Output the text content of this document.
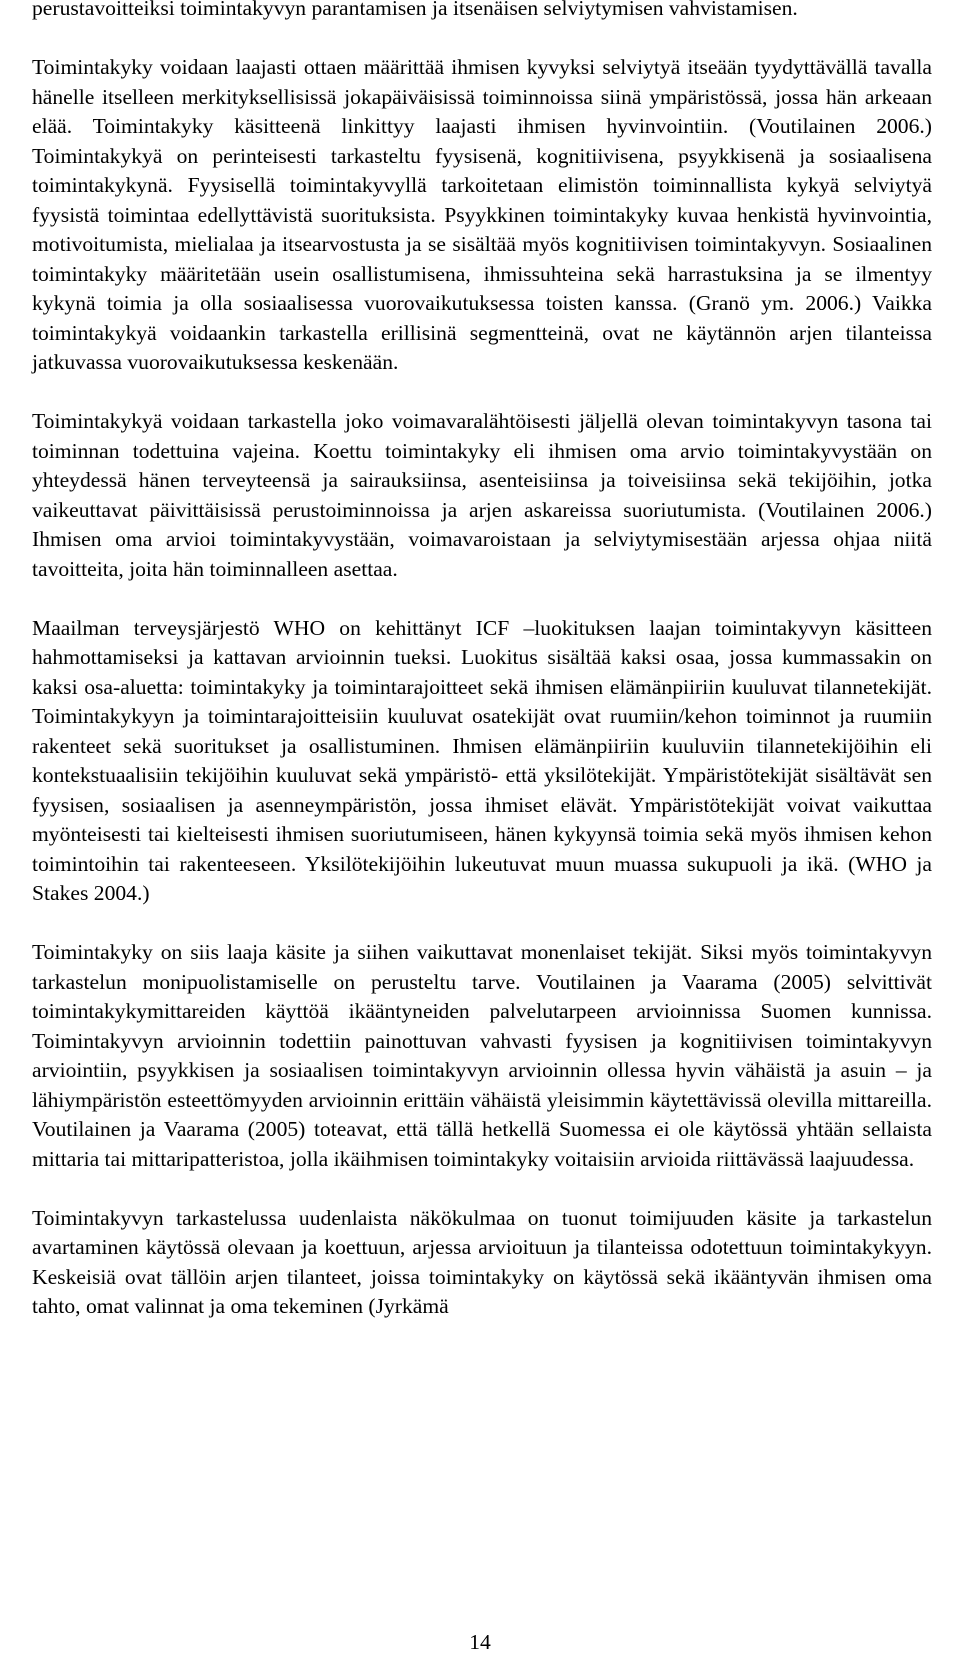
perustavoitteiksi toimintakyvyn parantamisen ja itsenäisen selviytymisen vahvistamisen.

Toimintakyky voidaan laajasti ottaen määrittää ihmisen kyvyksi selviytyä itseään tyydyttävällä tavalla hänelle itselleen merkityksellisissä jokapäiväisissä toiminnoissa siinä ympäristössä, jossa hän arkeaan elää. Toimintakyky käsitteenä linkittyy laajasti ihmisen hyvinvointiin. (Voutilainen 2006.) Toimintakykyä on perinteisesti tarkasteltu fyysisenä, kognitiivisena, psyykkisenä ja sosiaalisena toimintakykynä. Fyysisellä toimintakyvyllä tarkoitetaan elimistön toiminnallista kykyä selviytyä fyysistä toimintaa edellyttävistä suorituksista. Psyykkinen toimintakyky kuvaa henkistä hyvinvointia, motivoitumista, mielialaa ja itsearvostusta ja se sisältää myös kognitiivisen toimintakyvyn. Sosiaalinen toimintakyky määritetään usein osallistumisena, ihmissuhteina sekä harrastuksina ja se ilmentyy kykynä toimia ja olla sosiaalisessa vuorovaikutuksessa toisten kanssa. (Granö ym. 2006.) Vaikka toimintakykyä voidaankin tarkastella erillisinä segmentteinä, ovat ne käytännön arjen tilanteissa jatkuvassa vuorovaikutuksessa keskenään.

Toimintakykyä voidaan tarkastella joko voimavaralähtöisesti jäljellä olevan toimintakyvyn tasona tai toiminnan todettuina vajeina. Koettu toimintakyky eli ihmisen oma arvio toimintakyvystään on yhteydessä hänen terveyteensä ja sairauksiinsa, asenteisiinsa ja toiveisiinsa sekä tekijöihin, jotka vaikeuttavat päivittäisissä perustoiminnoissa ja arjen askareissa suoriutumista. (Voutilainen 2006.) Ihmisen oma arvioi toimintakyvystään, voimavaroistaan ja selviytymisestään arjessa ohjaa niitä tavoitteita, joita hän toiminnalleen asettaa.

Maailman terveysjärjestö WHO on kehittänyt ICF –luokituksen laajan toimintakyvyn käsitteen hahmottamiseksi ja kattavan arvioinnin tueksi. Luokitus sisältää kaksi osaa, jossa kummassakin on kaksi osa-aluetta: toimintakyky ja toimintarajoitteet sekä ihmisen elämänpiiriin kuuluvat tilannetekijät. Toimintakykyyn ja toimintarajoitteisiin kuuluvat osatekijät ovat ruumiin/kehon toiminnot ja ruumiin rakenteet sekä suoritukset ja osallistuminen. Ihmisen elämänpiiriin kuuluviin tilannetekijöihin eli kontekstuaalisiin tekijöihin kuuluvat sekä ympäristö- että yksilötekijät. Ympäristötekijät sisältävät sen fyysisen, sosiaalisen ja asenneympäristön, jossa ihmiset elävät. Ympäristötekijät voivat vaikuttaa myönteisesti tai kielteisesti ihmisen suoriutumiseen, hänen kykyynsä toimia sekä myös ihmisen kehon toimintoihin tai rakenteeseen. Yksilötekijöihin lukeutuvat muun muassa sukupuoli ja ikä. (WHO ja Stakes 2004.)

Toimintakyky on siis laaja käsite ja siihen vaikuttavat monenlaiset tekijät. Siksi myös toimintakyvyn tarkastelun monipuolistamiselle on perusteltu tarve. Voutilainen ja Vaarama (2005) selvittivät toimintakykymittareiden käyttöä ikääntyneiden palvelutarpeen arvioinnissa Suomen kunnissa. Toimintakyvyn arvioinnin todettiin painottuvan vahvasti fyysisen ja kognitiivisen toimintakyvyn arviointiin, psyykkisen ja sosiaalisen toimintakyvyn arvioinnin ollessa hyvin vähäistä ja asuin – ja lähiympäristön esteettömyyden arvioinnin erittäin vähäistä yleisimmin käytettävissä olevilla mittareilla. Voutilainen ja Vaarama (2005) toteavat, että tällä hetkellä Suomessa ei ole käytössä yhtään sellaista mittaria tai mittaripatteristoa, jolla ikäihmisen toimintakyky voitaisiin arvioida riittävässä laajuudessa.

Toimintakyvyn tarkastelussa uudenlaista näkökulmaa on tuonut toimijuuden käsite ja tarkastelun avartaminen käytössä olevaan ja koettuun, arjessa arvioituun ja tilanteissa odotettuun toimintakykyyn. Keskeisiä ovat tällöin arjen tilanteet, joissa toimintakyky on käytössä sekä ikääntyvän ihmisen oma tahto, omat valinnat ja oma tekeminen (Jyrkämä

14
